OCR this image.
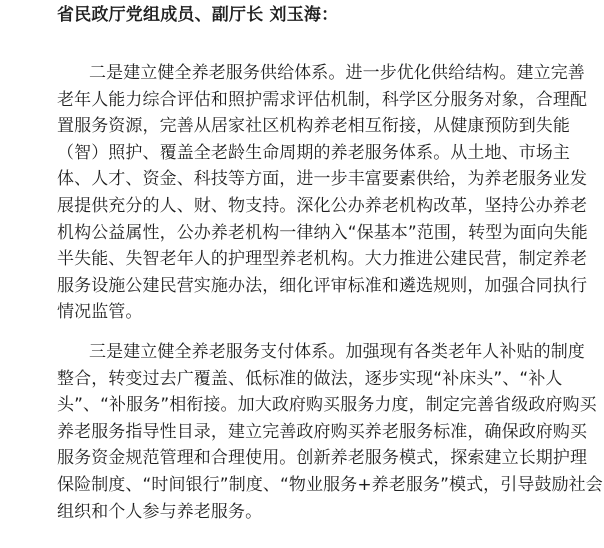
省民政厅党组成员、副厅长 刘玉海：
二是建立健全养老服务供给体系。进一步优化供给结构。建立完善
老年人能力综合评估和照护需求评估机制，科学区分服务对象，合理配
置服务资源，完善从居家社区机构养老相互衔接，从健康预防到失能
（智）照护、覆盖全老龄生命周期的养老服务体系。从土地、市场主
体、人才、资金、科技等方面，进一步丰富要素供给，为养老服务业发
展提供充分的人、财、物支持。深化公办养老机构改革，坚持公办养老
机构公益属性，公办养老机构一律纳入“保基本”范围，转型为面向失能
半失能、失智老年人的护理型养老机构。大力推进公建民营，制定养老
服务设施公建民营实施办法，细化评审标准和遴选规则，加强合同执行
情况监管。
三是建立健全养老服务支付体系。加强现有各类老年人补贴的制度
整合，转变过去广覆盖、低标准的做法，逐步实现“补床头”、“补人
头”、“补服务”相衔接。加大政府购买服务力度，制定完善省级政府购买
养老服务指导性目录，建立完善政府购买养老服务标准，确保政府购买
服务资金规范管理和合理使用。创新养老服务模式，探索建立长期护理
保险制度、“时间银行”制度、“物业服务+养老服务”模式，引导鼓励社会
组织和个人参与养老服务。
